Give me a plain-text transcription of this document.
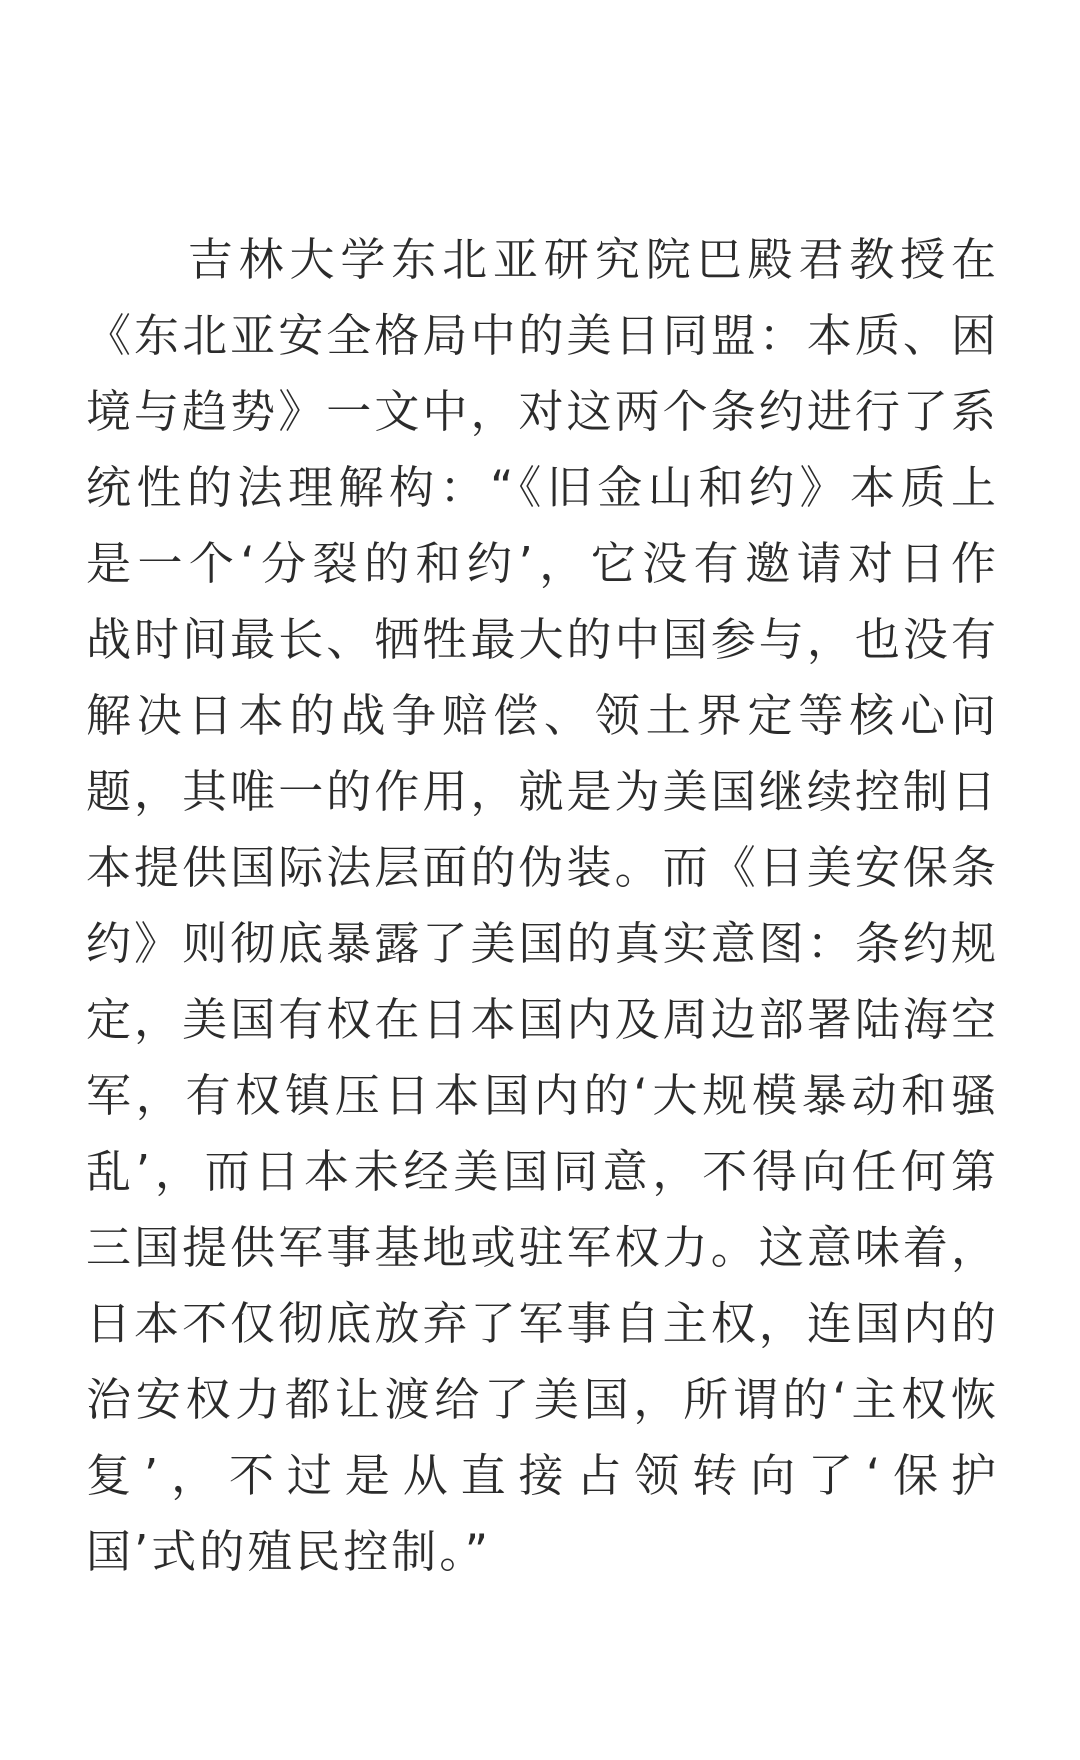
　　吉林大学东北亚研究院巴殿君教授在
《东北亚安全格局中的美日同盟：本质、困
境与趋势》一文中，对这两个条约进行了系
统性的法理解构：“《旧金山和约》本质上
是一个‘分裂的和约’，它没有邀请对日作
战时间最长、牺牲最大的中国参与，也没有
解决日本的战争赔偿、领土界定等核心问
题，其唯一的作用，就是为美国继续控制日
本提供国际法层面的伪装。而《日美安保条
约》则彻底暴露了美国的真实意图：条约规
定，美国有权在日本国内及周边部署陆海空
军，有权镇压日本国内的‘大规模暴动和骚
乱’，而日本未经美国同意，不得向任何第
三国提供军事基地或驻军权力。这意味着，
日本不仅彻底放弃了军事自主权，连国内的
治安权力都让渡给了美国，所谓的‘主权恢
复’，不过是从直接占领转向了‘保护
国’式的殖民控制。”
